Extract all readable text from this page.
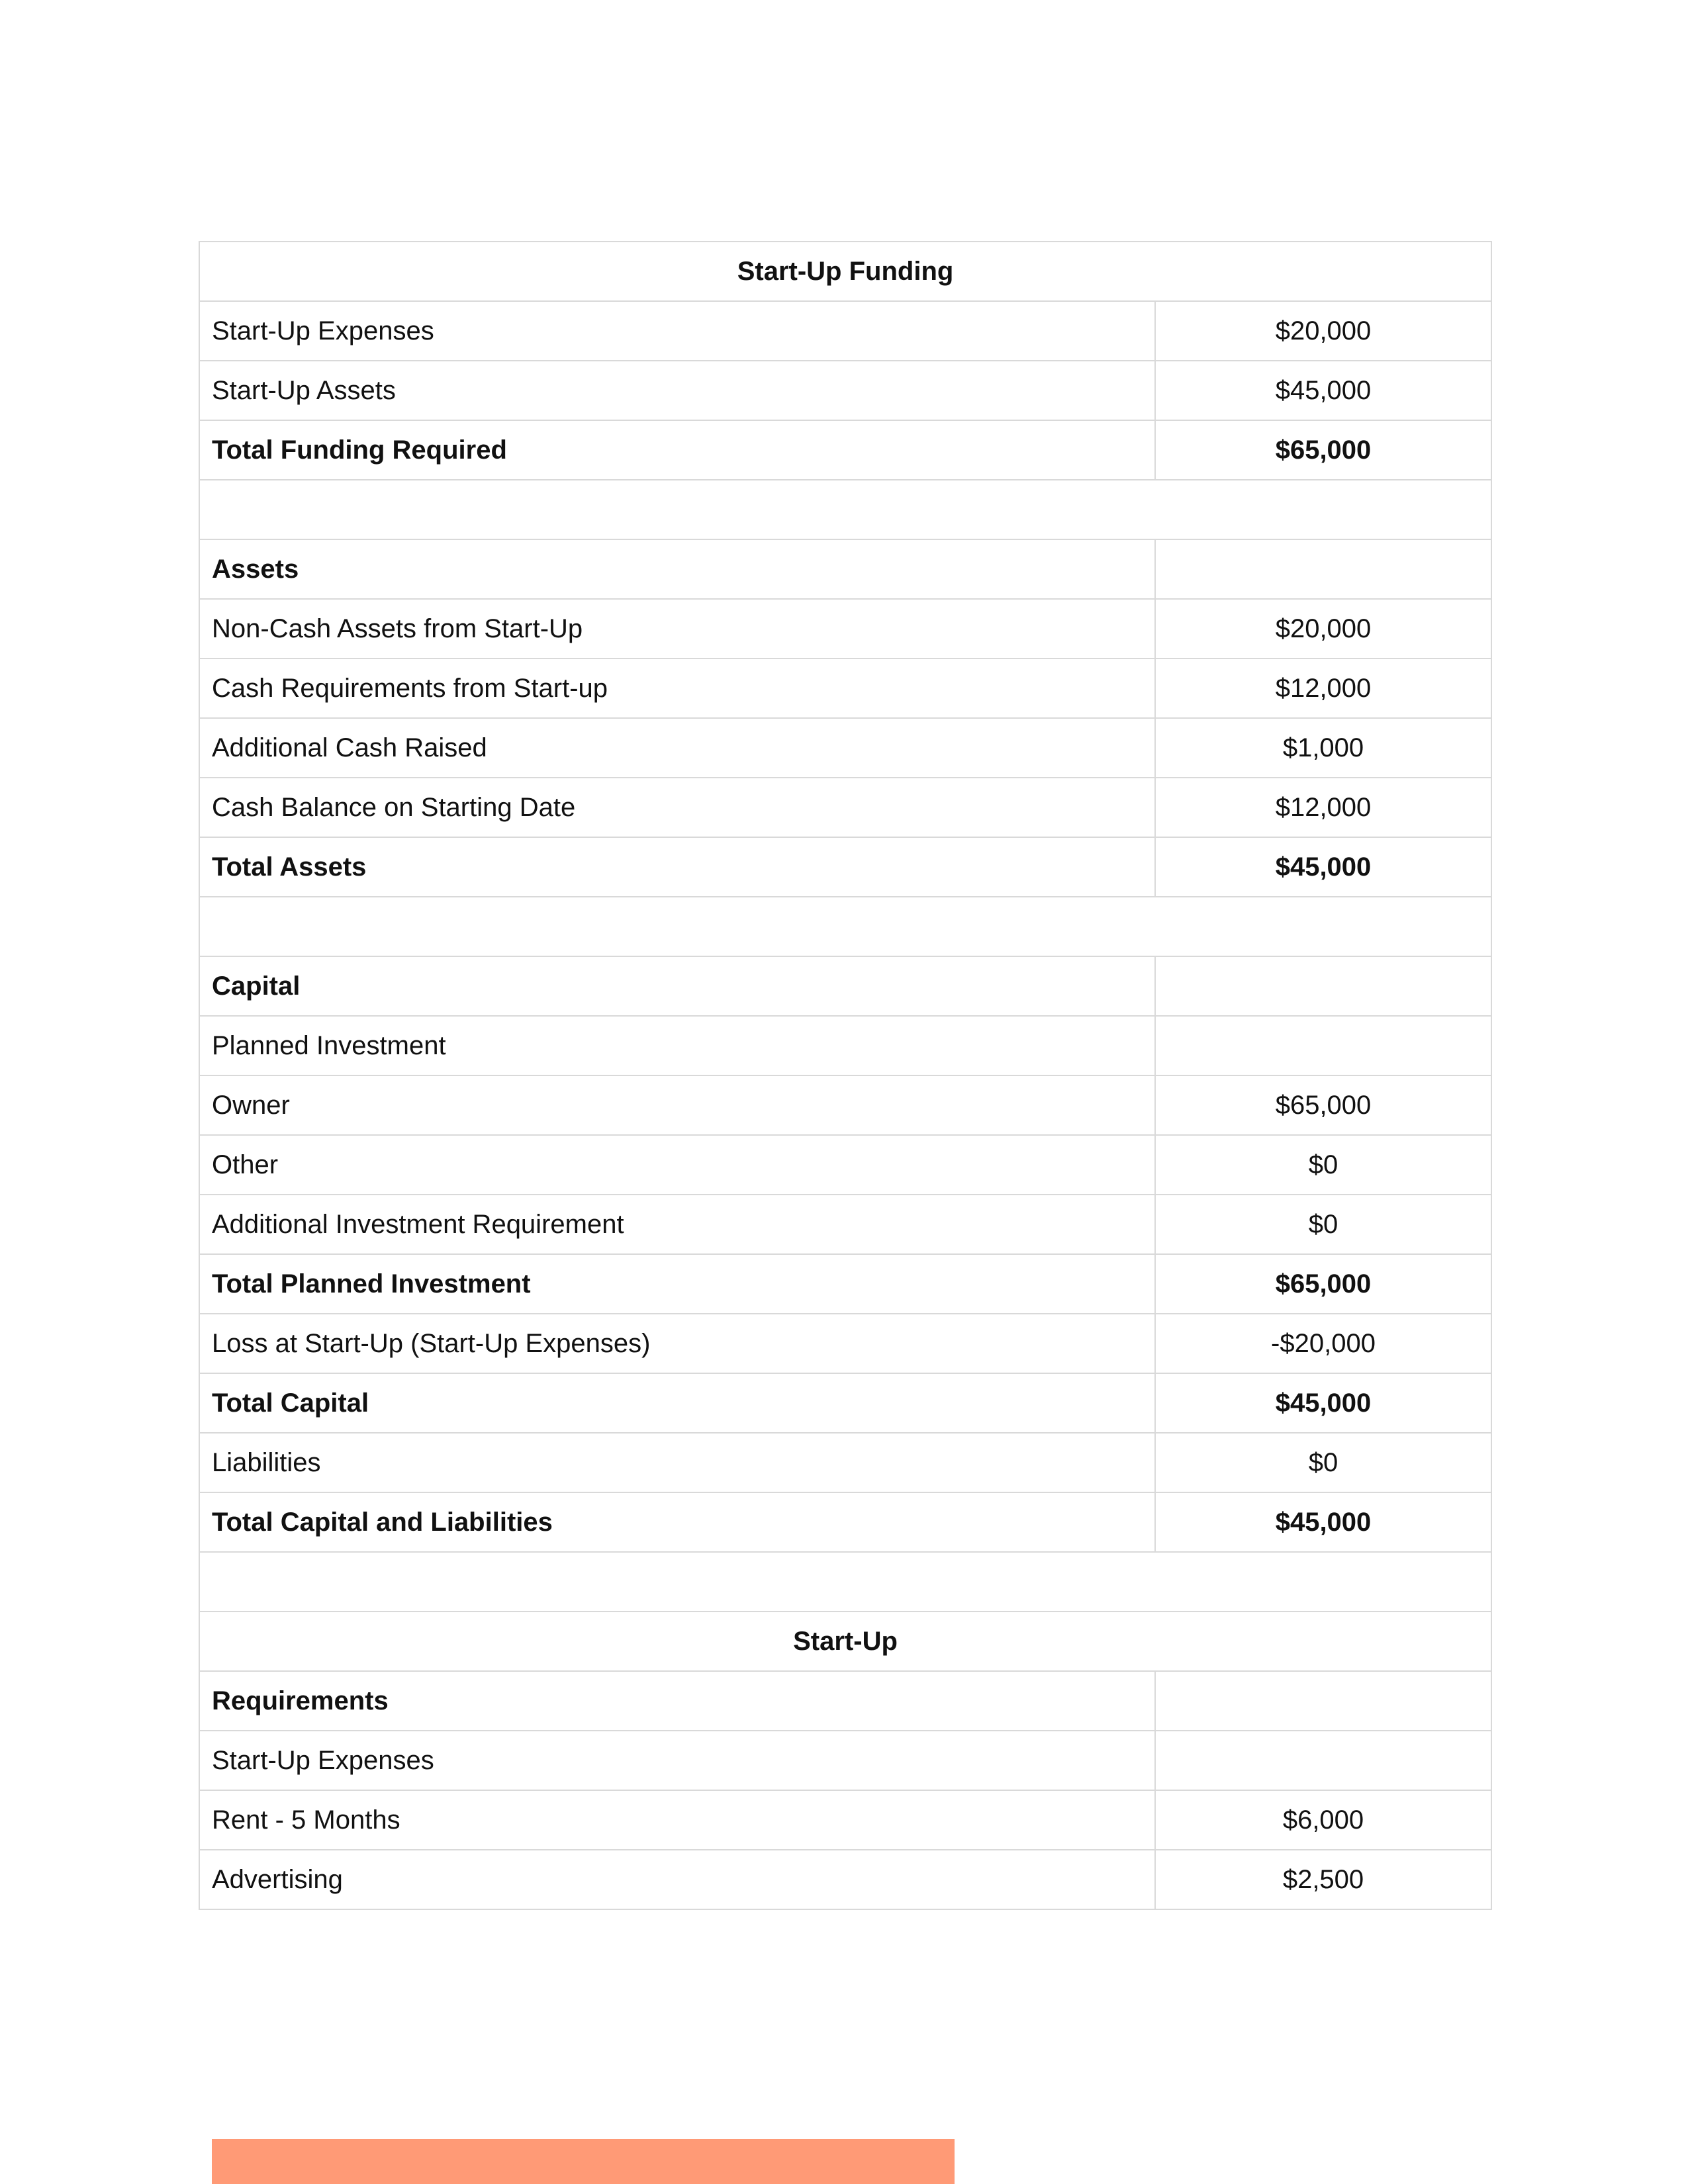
Start-Up Funding	
Start-Up Expenses	$20,000
Start-Up Assets	$45,000
Total Funding Required	$65,000

Assets	
Non-Cash Assets from Start-Up	$20,000
Cash Requirements from Start-up	$12,000
Additional Cash Raised	$1,000
Cash Balance on Starting Date	$12,000
Total Assets	$45,000

Capital	
Planned Investment	
Owner	$65,000
Other	$0
Additional Investment Requirement	$0
Total Planned Investment	$65,000
Loss at Start-Up (Start-Up Expenses)	-$20,000
Total Capital	$45,000
Liabilities	$0
Total Capital and Liabilities	$45,000

Start-Up	
Requirements	
Start-Up Expenses	
Rent - 5 Months	$6,000
Advertising	$2,500
